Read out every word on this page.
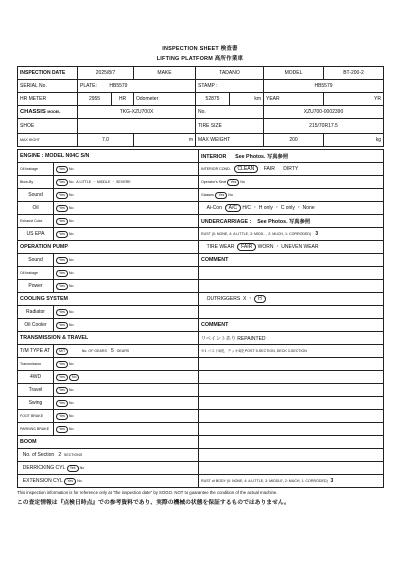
INSPECTION SHEET 検査書
LIFTING PLATFORM 高所作業車
INSPECTION DATE	2025/8/7		MAKE	TADANO		MODEL	BT-200-2
SERIAL No.	PLATE: HB5579			STAMP :		HB5579	
HR METER	2955	HR	Odometer	52875	km	YEAR	YR
CHASSIS MODEL	TKG-XZU700X			No.		XZU700-0002390	
SHOE				TIRE SIZE		215/70R17.5	
MAX HIGHT	7.0		m	MAX WEIGHT		200	kg
ENGINE : MODEL N04C S/N		INTERIOR See Photos. 写真参照
Oil leakage	Yes No	INTERIOR COND. CLEAN FAIR DIRTY
Blow-By	Yes No A LITTLE ・ MIDDLE ・ SEVERE	Operator's Seat Yes No
Sound	Yes No	Glasses Yes No
Oil	Yes No	Ai-Con A/C H/C ・ H only ・ C only ・ None
Exhaust Color	Yes No	UNDERCARRIAGE : See Photos. 写真参照
US EPA	Yes No	RUST (0: NONE, 4: A LITTLE, 3: MIDD.. , 2: MUCH, 1: CORRODED) 3
OPERATION PUMP		TIRE WEAR FAIR WORN ・ UNEVEN WEAR
Sound	Yes No	COMMENT
Oil leakage	Yes No	
Power	Yes No	
COOLING SYSTEM		OUTRIGGERS X ・ H
Radiator	Yes No	
Oil Cooler	Yes No	COMMENT
TRANSMISSION & TRAVEL		リベイントあり REPAINTED
T/M TYPE AT	M/T No. OF GEARS 5 GEARS	※1 バスト5段、デッキ3段 POST 5-SECTION, DECK 3-SECTION
Transmission	Yes No	
4WD	Yes No	
Travel	Yes No	
Swing	Yes No	
FOOT BRAKE	Yes No	
PARKING BRAKE	Yes No	
BOOM		
No. of Section 2 SECTIONS		
DERRICKING CYL Yes No		
EXTENSION CYL Yes No		RUST of BODY (0: NONE, 4: A LITTLE, 3: MIDDLE, 2: MUCH, 1: CORRODED) 3
This inspection information is for reference only at "the inspection date" by SOGO. NOT to guarantee the condition of the actual machine.
この査定情報は『点検日時点』での参考資料であり、実際の機械の状態を保証するものではありません。
